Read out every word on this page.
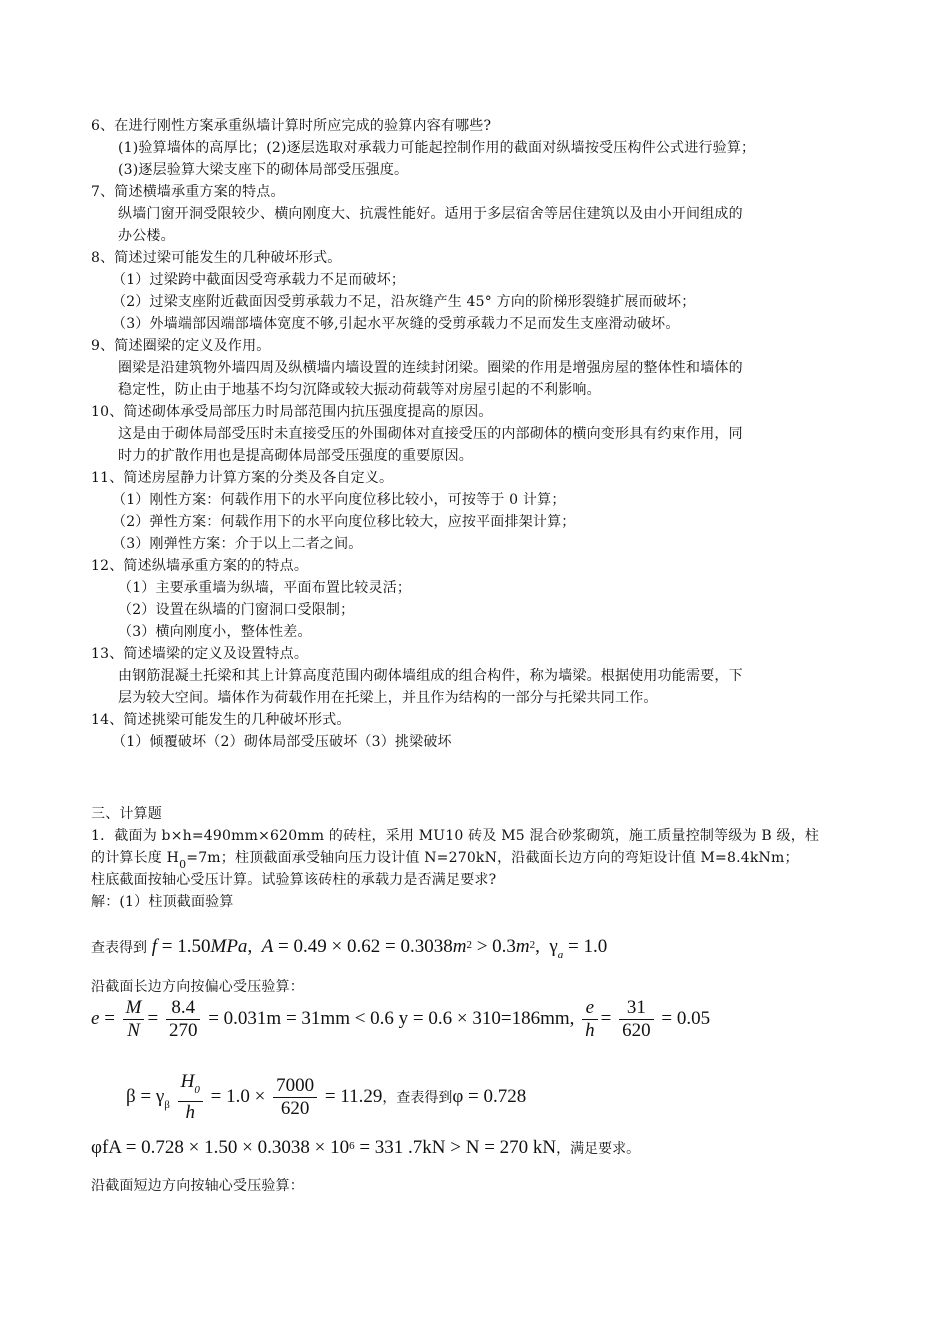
6、在进行刚性方案承重纵墙计算时所应完成的验算内容有哪些?
(1)验算墙体的高厚比；(2)逐层选取对承载力可能起控制作用的截面对纵墙按受压构件公式进行验算；
(3)逐层验算大梁支座下的砌体局部受压强度。
7、简述横墙承重方案的特点。
纵墙门窗开洞受限较少、横向刚度大、抗震性能好。适用于多层宿舍等居住建筑以及由小开间组成的
办公楼。
8、简述过梁可能发生的几种破坏形式。
（1）过梁跨中截面因受弯承载力不足而破坏；
（2）过梁支座附近截面因受剪承载力不足，沿灰缝产生 45° 方向的阶梯形裂缝扩展而破坏；
（3）外墙端部因端部墙体宽度不够,引起水平灰缝的受剪承载力不足而发生支座滑动破坏。
9、简述圈梁的定义及作用。
圈梁是沿建筑物外墙四周及纵横墙内墙设置的连续封闭梁。圈梁的作用是增强房屋的整体性和墙体的
稳定性，防止由于地基不均匀沉降或较大振动荷载等对房屋引起的不利影响。
10、简述砌体承受局部压力时局部范围内抗压强度提高的原因。
这是由于砌体局部受压时未直接受压的外围砌体对直接受压的内部砌体的横向变形具有约束作用，同
时力的扩散作用也是提高砌体局部受压强度的重要原因。
11、简述房屋静力计算方案的分类及各自定义。
（1）刚性方案：何载作用下的水平向度位移比较小，可按等于 0 计算；
（2）弹性方案：何载作用下的水平向度位移比较大，应按平面排架计算；
（3）刚弹性方案：介于以上二者之间。
12、简述纵墙承重方案的的特点。
（1）主要承重墙为纵墙，平面布置比较灵活；
（2）设置在纵墙的门窗洞口受限制；
（3）横向刚度小，整体性差。
13、简述墙梁的定义及设置特点。
由钢筋混凝土托梁和其上计算高度范围内砌体墙组成的组合构件，称为墙梁。根据使用功能需要，下
层为较大空间。墙体作为荷载作用在托梁上，并且作为结构的一部分与托梁共同工作。
14、简述挑梁可能发生的几种破坏形式。
（1）倾覆破坏（2）砌体局部受压破坏（3）挑梁破坏
三、计算题
1．截面为 b×h=490mm×620mm 的砖柱，采用 MU10 砖及 M5 混合砂浆砌筑，施工质量控制等级为 B 级，柱
的计算长度 $H_0=7m$；柱顶截面承受轴向压力设计值 N=270kN，沿截面长边方向的弯矩设计值 M=8.4kNm；
柱底截面按轴心受压计算。试验算该砖柱的承载力是否满足要求?
解：(1）柱顶截面验算
查表得到 f = 1.50MPa,  $A = 0.49 \times 0.62 = 0.3038m^2 > 0.3m^2$,  $\gamma_a = 1.0$
沿截面长边方向按偏心受压验算：
$e = \frac{M}{N} = \frac{8.4}{270} = 0.031m = 31mm < 0.6$ y = 0.6 × 310=186mm, $\frac{e}{h} = \frac{31}{620} = 0.05$
$\beta = \gamma_\beta \frac{H_0}{h} = 1.0 \times \frac{7000}{620} = 11.29$，查表得到φ = 0.728
$\varphi fA = 0.728 \times 1.50 \times 0.3038 \times 10^6 = 331$ .7kN > N = 270 kN，满足要求。
沿截面短边方向按轴心受压验算：
